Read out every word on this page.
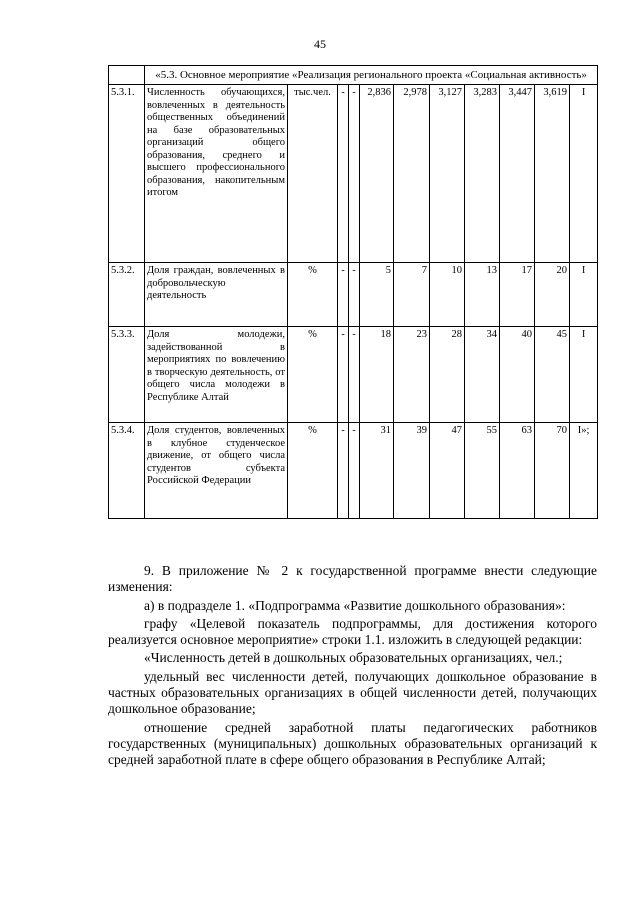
45
	«5.3. Основное мероприятие «Реализация регионального проекта «Социальная активность»										
5.3.1.	Численность обучающихся, вовлеченных в деятельность общественных объединений на базе образовательных организаций общего образования, среднего и высшего профессионального образования, накопительным итогом	тыс.чел.	-	-	2,836	2,978	3,127	3,283	3,447	3,619	I
5.3.2.	Доля граждан, вовлеченных в добровольческую деятельность	%	-	-	5	7	10	13	17	20	I
5.3.3.	Доля молодежи, задействованной в мероприятиях по вовлечению в творческую деятельность, от общего числа молодежи в Республике Алтай	%	-	-	18	23	28	34	40	45	I
5.3.4.	Доля студентов, вовлеченных в клубное студенческое движение, от общего числа студентов субъекта Российской Федерации	%	-	-	31	39	47	55	63	70	I»;

9. В приложение № 2 к государственной программе внести следующие изменения:

а) в подразделе 1. «Подпрограмма «Развитие дошкольного образования»:

графу «Целевой показатель подпрограммы, для достижения которого реализуется основное мероприятие» строки 1.1. изложить в следующей редакции:

«Численность детей в дошкольных образовательных организациях, чел.;

удельный вес численности детей, получающих дошкольное образование в частных образовательных организациях в общей численности детей, получающих дошкольное образование;

отношение средней заработной платы педагогических работников государственных (муниципальных) дошкольных образовательных организаций к средней заработной плате в сфере общего образования в Республике Алтай;
